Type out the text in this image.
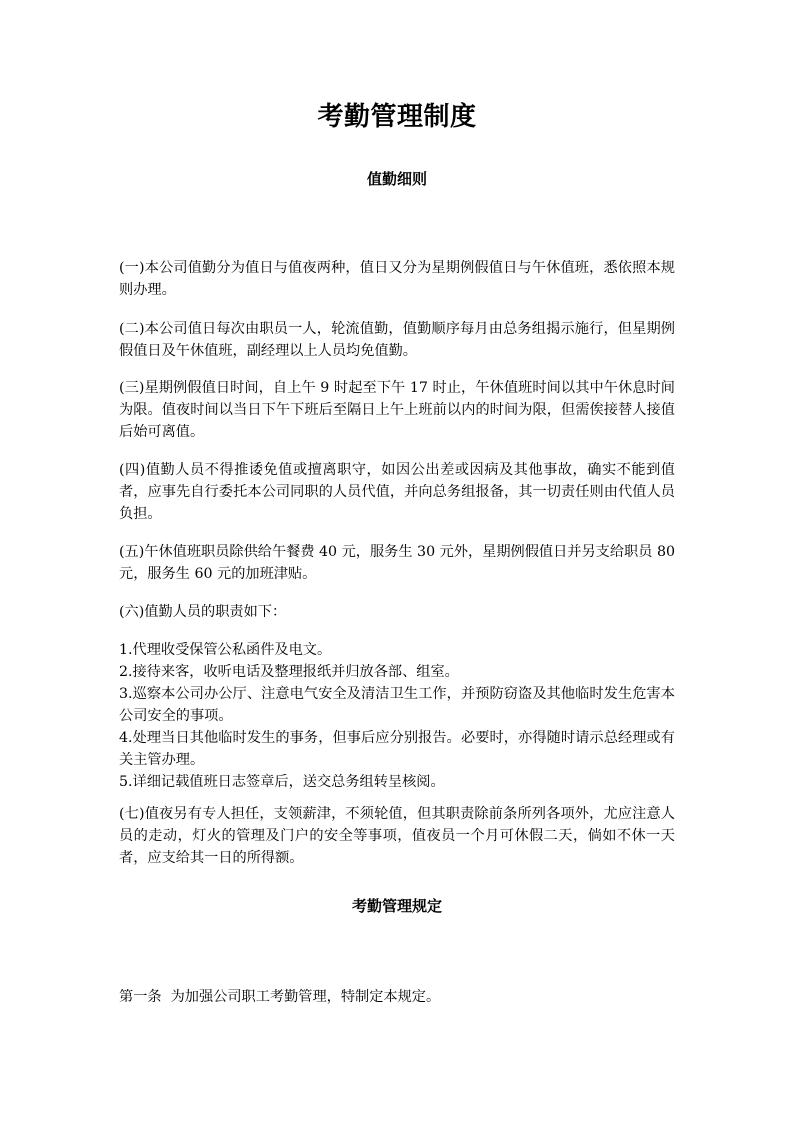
考勤管理制度
值勤细则

(一)本公司值勤分为值日与值夜两种，值日又分为星期例假值日与午休值班，悉依照本规则办理。

(二)本公司值日每次由职员一人，轮流值勤，值勤顺序每月由总务组揭示施行，但星期例假值日及午休值班，副经理以上人员均免值勤。

(三)星期例假值日时间，自上午 9 时起至下午 17 时止，午休值班时间以其中午休息时间为限。值夜时间以当日下午下班后至隔日上午上班前以内的时间为限，但需俟接替人接值后始可离值。

(四)值勤人员不得推诿免值或擅离职守，如因公出差或因病及其他事故，确实不能到值者，应事先自行委托本公司同职的人员代值，并向总务组报备，其一切责任则由代值人员负担。

(五)午休值班职员除供给午餐费 40 元，服务生 30 元外，星期例假值日并另支给职员 80 元，服务生 60 元的加班津贴。

(六)值勤人员的职责如下：

1.代理收受保管公私函件及电文。
2.接待来客，收听电话及整理报纸并归放各部、组室。
3.巡察本公司办公厅、注意电气安全及清洁卫生工作，并预防窃盗及其他临时发生危害本公司安全的事项。
4.处理当日其他临时发生的事务，但事后应分别报告。必要时，亦得随时请示总经理或有关主管办理。
5.详细记载值班日志签章后，送交总务组转呈核阅。

(七)值夜另有专人担任，支领薪津，不须轮值，但其职责除前条所列各项外，尤应注意人员的走动，灯火的管理及门户的安全等事项，值夜员一个月可休假二天，倘如不休一天者，应支给其一日的所得额。

考勤管理规定

第一条  为加强公司职工考勤管理，特制定本规定。
